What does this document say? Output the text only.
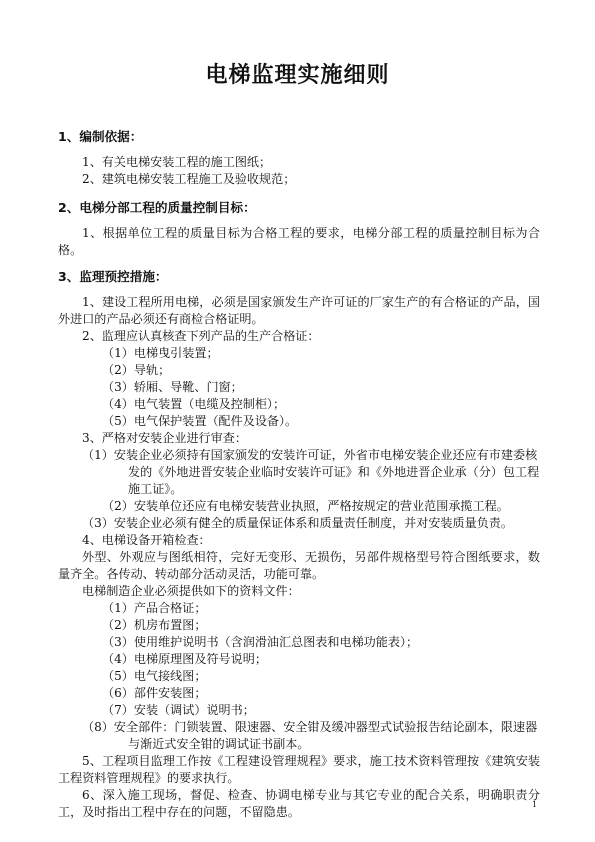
电梯监理实施细则
1、编制依据：

1、有关电梯安装工程的施工图纸；

2、建筑电梯安装工程施工及验收规范；

2、电梯分部工程的质量控制目标：

1、根据单位工程的质量目标为合格工程的要求，电梯分部工程的质量控制目标为合格。

3、监理预控措施：

1、建设工程所用电梯，必须是国家颁发生产许可证的厂家生产的有合格证的产品，国外进口的产品必须还有商检合格证明。

2、监理应认真核查下列产品的生产合格证：

（1）电梯曳引装置；

（2）导轨；

（3）轿厢、导靴、门窗；

（4）电气装置（电缆及控制柜）；

（5）电气保护装置（配件及设备）。

3、严格对安装企业进行审查：

（1）安装企业必须持有国家颁发的安装许可证，外省市电梯安装企业还应有市建委核发的《外地进晋安装企业临时安装许可证》和《外地进晋企业承（分）包工程施工证》。

（2）安装单位还应有电梯安装营业执照，严格按规定的营业范围承揽工程。

（3）安装企业必须有健全的质量保证体系和质量责任制度，并对安装质量负责。

4、电梯设备开箱检查：

外型、外观应与图纸相符，完好无变形、无损伤，另部件规格型号符合图纸要求，数量齐全。各传动、转动部分活动灵活，功能可靠。

电梯制造企业必须提供如下的资料文件：

（1）产品合格证；

（2）机房布置图；

（3）使用维护说明书（含润滑油汇总图表和电梯功能表）；

（4）电梯原理图及符号说明；

（5）电气接线图；

（6）部件安装图；

（7）安装（调试）说明书；

（8）安全部件：门锁装置、限速器、安全钳及缓冲器型式试验报告结论副本，限速器与渐近式安全钳的调试证书副本。

5、工程项目监理工作按《工程建设管理规程》要求，施工技术资料管理按《建筑安装工程资料管理规程》的要求执行。

6、深入施工现场，督促、检查、协调电梯专业与其它专业的配合关系，明确职责分工，及时指出工程中存在的问题，不留隐患。

1
